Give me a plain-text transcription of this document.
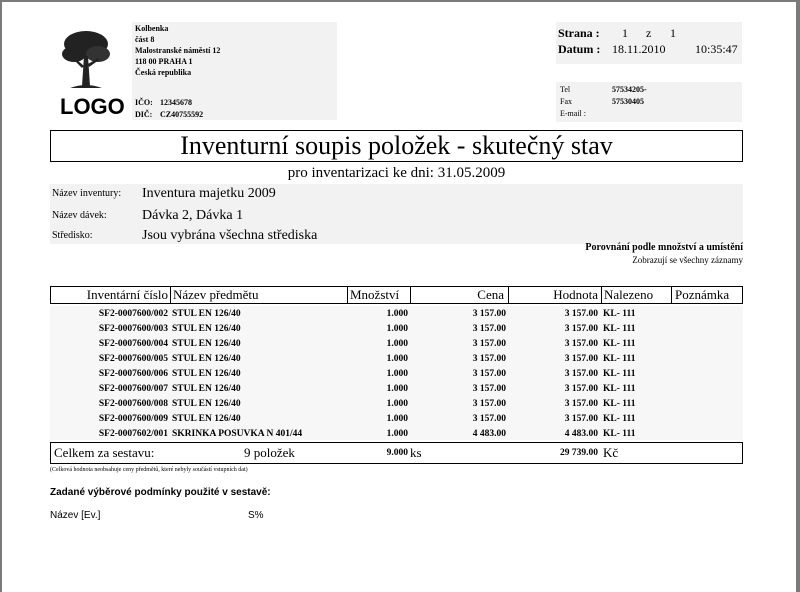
LOGO
Kolbenka
část 8
Malostranské náměstí 12
118 00 PRAHA 1
Česká republika
IČO: 12345678
DIČ: CZ40755592
Strana : 1 z 1
Datum : 18.11.2010 10:35:47
Tel	57534205-
Fax	57530405
E-mail :
Inventurní soupis položek - skutečný stav
pro inventarizaci ke dni: 31.05.2009
Název inventury: Inventura majetku 2009
Název dávek:	Dávka 2, Dávka 1
Středisko:	Jsou vybrána všechna střediska
Porovnání podle množství a umístění
Zobrazují se všechny záznamy
Inventární číslo Název předmětu	Množství	Cena	Hodnota Nalezeno Poznámka
SF2-0007600/002 STUL EN 126/40	1.000	3 157.00	3 157.00 KL- 111
SF2-0007600/003 STUL EN 126/40	1.000	3 157.00	3 157.00 KL- 111
SF2-0007600/004 STUL EN 126/40	1.000	3 157.00	3 157.00 KL- 111
SF2-0007600/005 STUL EN 126/40	1.000	3 157.00	3 157.00 KL- 111
SF2-0007600/006 STUL EN 126/40	1.000	3 157.00	3 157.00 KL- 111
SF2-0007600/007 STUL EN 126/40	1.000	3 157.00	3 157.00 KL- 111
SF2-0007600/008 STUL EN 126/40	1.000	3 157.00	3 157.00 KL- 111
SF2-0007600/009 STUL EN 126/40	1.000	3 157.00	3 157.00 KL- 111
SF2-0007602/001 SKRINKA POSUVKA N 401/44	1.000	4 483.00	4 483.00 KL- 111
Celkem za sestavu:	9 položek	9.000 ks	29 739.00 Kč
(Celková hodnota neobsahuje ceny předmětů, které nebyly součástí vstupních dat)
Zadané výběrové podmínky použité v sestavě:
Název [Ev.]	S%
